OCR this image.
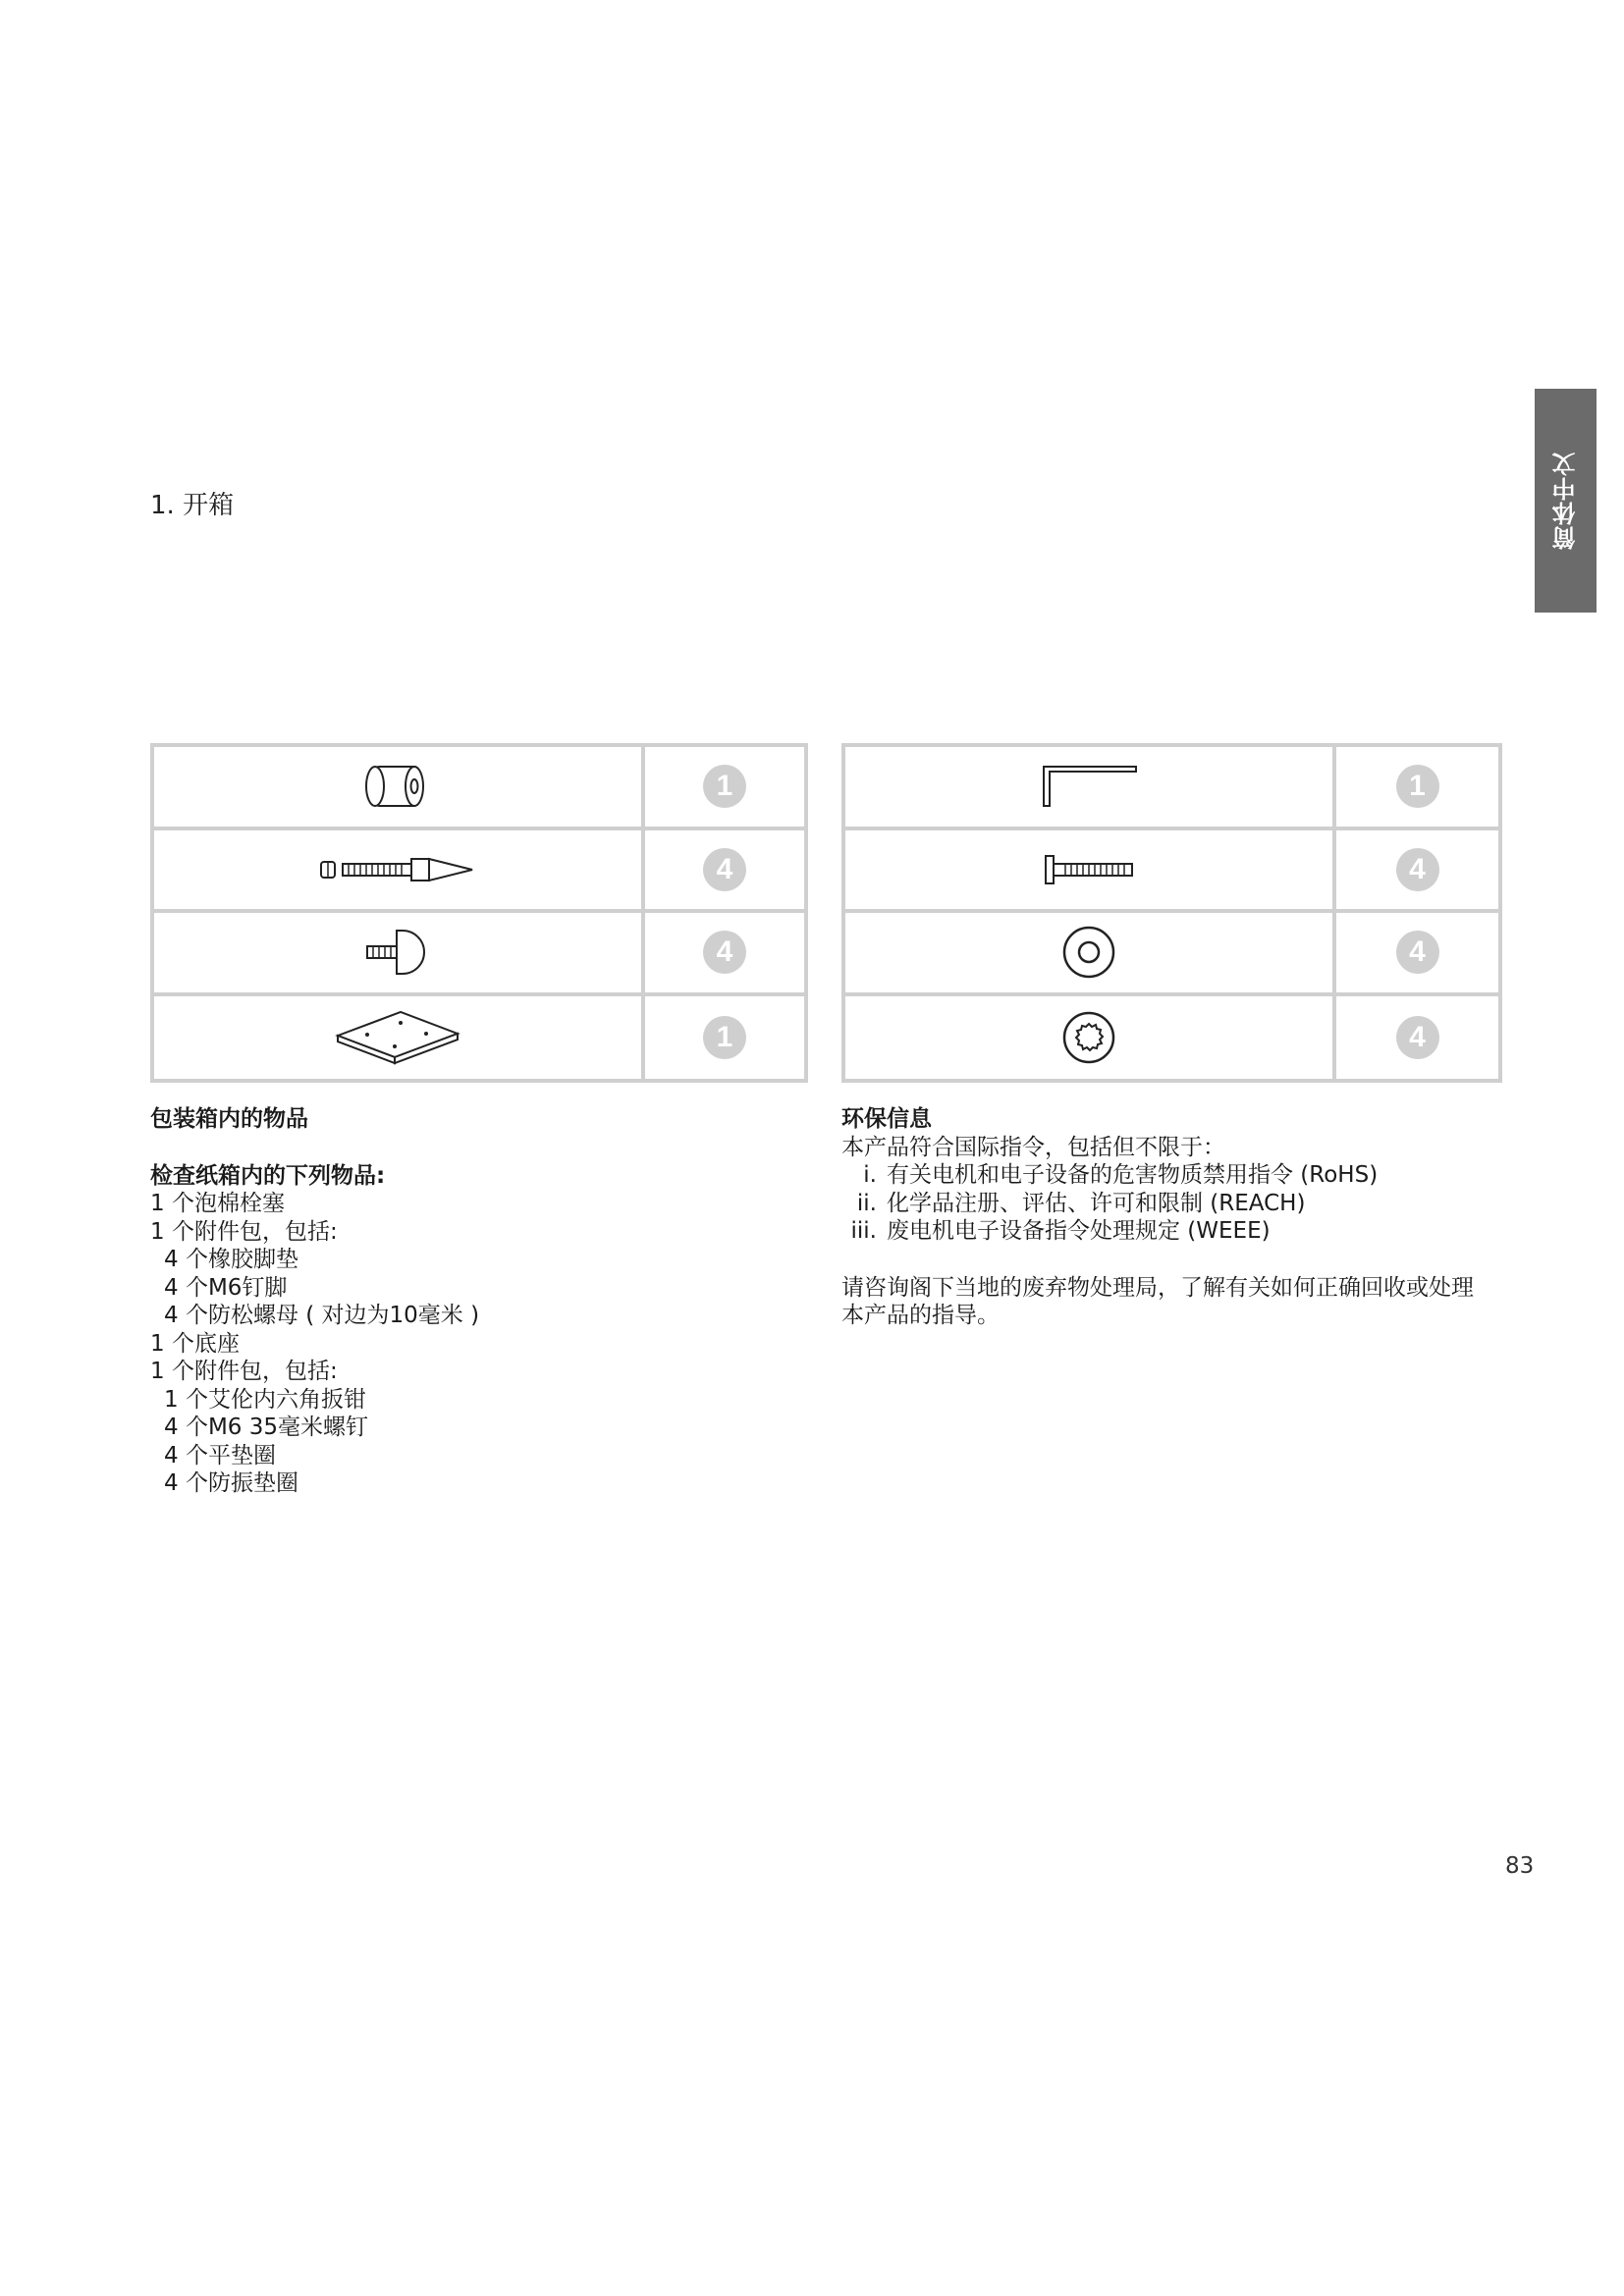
1. 开箱	简体中文
1
4
4
1
1
4
4
4
包装箱内的物品
检查纸箱内的下列物品:
1 个泡棉栓塞
1 个附件包，包括:
4 个橡胶脚垫
4 个M6钉脚
4 个防松螺母 ( 对边为10毫米 )
1 个底座
1 个附件包，包括:
1 个艾伦内六角扳钳
4 个M6 35毫米螺钉
4 个平垫圈
4 个防振垫圈
环保信息
本产品符合国际指令，包括但不限于：
i. 有关电机和电子设备的危害物质禁用指令 (RoHS)
ii. 化学品注册、评估、许可和限制 (REACH)
iii. 废电机电子设备指令处理规定 (WEEE)
请咨询阁下当地的废弃物处理局，了解有关如何正确回收或处理
本产品的指导。
83
